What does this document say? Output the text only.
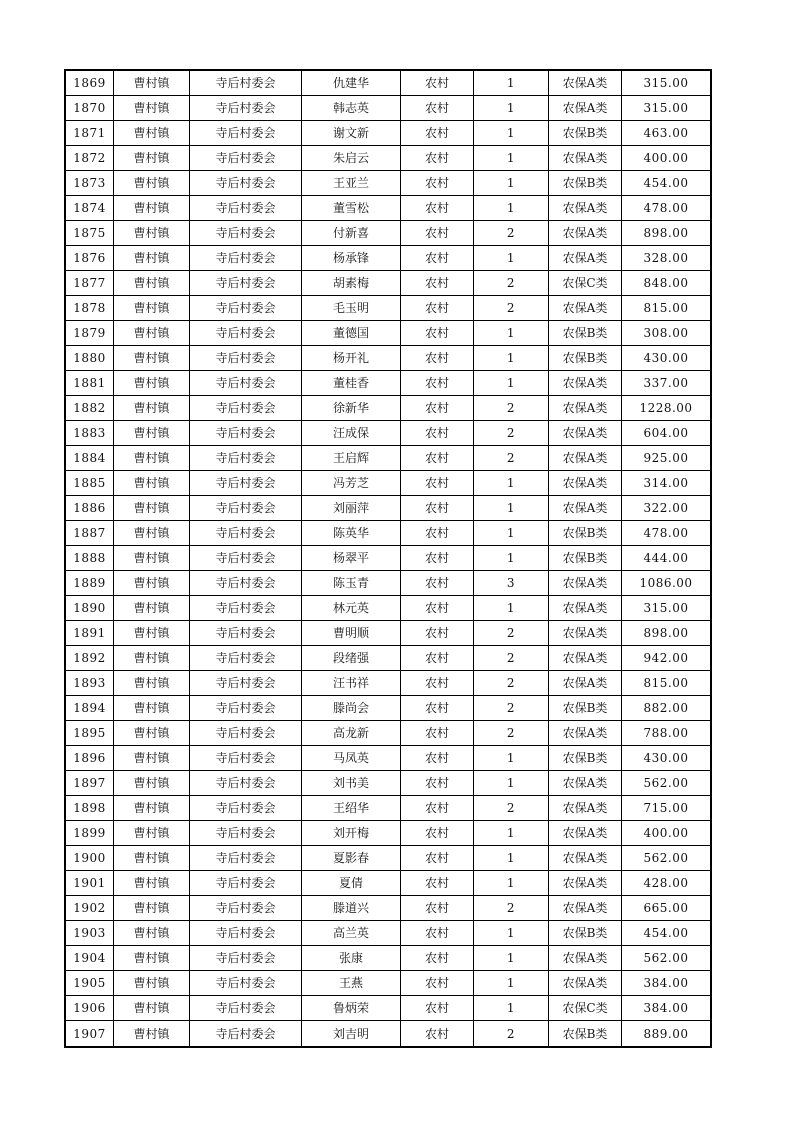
1869	曹村镇	寺后村委会	仇建华	农村	1	农保A类	315.00
1870	曹村镇	寺后村委会	韩志英	农村	1	农保A类	315.00
1871	曹村镇	寺后村委会	谢文新	农村	1	农保B类	463.00
1872	曹村镇	寺后村委会	朱启云	农村	1	农保A类	400.00
1873	曹村镇	寺后村委会	王亚兰	农村	1	农保B类	454.00
1874	曹村镇	寺后村委会	董雪松	农村	1	农保A类	478.00
1875	曹村镇	寺后村委会	付新喜	农村	2	农保A类	898.00
1876	曹村镇	寺后村委会	杨承锋	农村	1	农保A类	328.00
1877	曹村镇	寺后村委会	胡素梅	农村	2	农保C类	848.00
1878	曹村镇	寺后村委会	毛玉明	农村	2	农保A类	815.00
1879	曹村镇	寺后村委会	董德国	农村	1	农保B类	308.00
1880	曹村镇	寺后村委会	杨开礼	农村	1	农保B类	430.00
1881	曹村镇	寺后村委会	董桂香	农村	1	农保A类	337.00
1882	曹村镇	寺后村委会	徐新华	农村	2	农保A类	1228.00
1883	曹村镇	寺后村委会	汪成保	农村	2	农保A类	604.00
1884	曹村镇	寺后村委会	王启辉	农村	2	农保A类	925.00
1885	曹村镇	寺后村委会	冯芳芝	农村	1	农保A类	314.00
1886	曹村镇	寺后村委会	刘丽萍	农村	1	农保A类	322.00
1887	曹村镇	寺后村委会	陈英华	农村	1	农保B类	478.00
1888	曹村镇	寺后村委会	杨翠平	农村	1	农保B类	444.00
1889	曹村镇	寺后村委会	陈玉青	农村	3	农保A类	1086.00
1890	曹村镇	寺后村委会	林元英	农村	1	农保A类	315.00
1891	曹村镇	寺后村委会	曹明顺	农村	2	农保A类	898.00
1892	曹村镇	寺后村委会	段绪强	农村	2	农保A类	942.00
1893	曹村镇	寺后村委会	汪书祥	农村	2	农保A类	815.00
1894	曹村镇	寺后村委会	滕尚会	农村	2	农保B类	882.00
1895	曹村镇	寺后村委会	高龙新	农村	2	农保A类	788.00
1896	曹村镇	寺后村委会	马凤英	农村	1	农保B类	430.00
1897	曹村镇	寺后村委会	刘书美	农村	1	农保A类	562.00
1898	曹村镇	寺后村委会	王绍华	农村	2	农保A类	715.00
1899	曹村镇	寺后村委会	刘开梅	农村	1	农保A类	400.00
1900	曹村镇	寺后村委会	夏影春	农村	1	农保A类	562.00
1901	曹村镇	寺后村委会	夏倩	农村	1	农保A类	428.00
1902	曹村镇	寺后村委会	滕道兴	农村	2	农保A类	665.00
1903	曹村镇	寺后村委会	高兰英	农村	1	农保B类	454.00
1904	曹村镇	寺后村委会	张康	农村	1	农保A类	562.00
1905	曹村镇	寺后村委会	王燕	农村	1	农保A类	384.00
1906	曹村镇	寺后村委会	鲁炳荣	农村	1	农保C类	384.00
1907	曹村镇	寺后村委会	刘吉明	农村	2	农保B类	889.00
